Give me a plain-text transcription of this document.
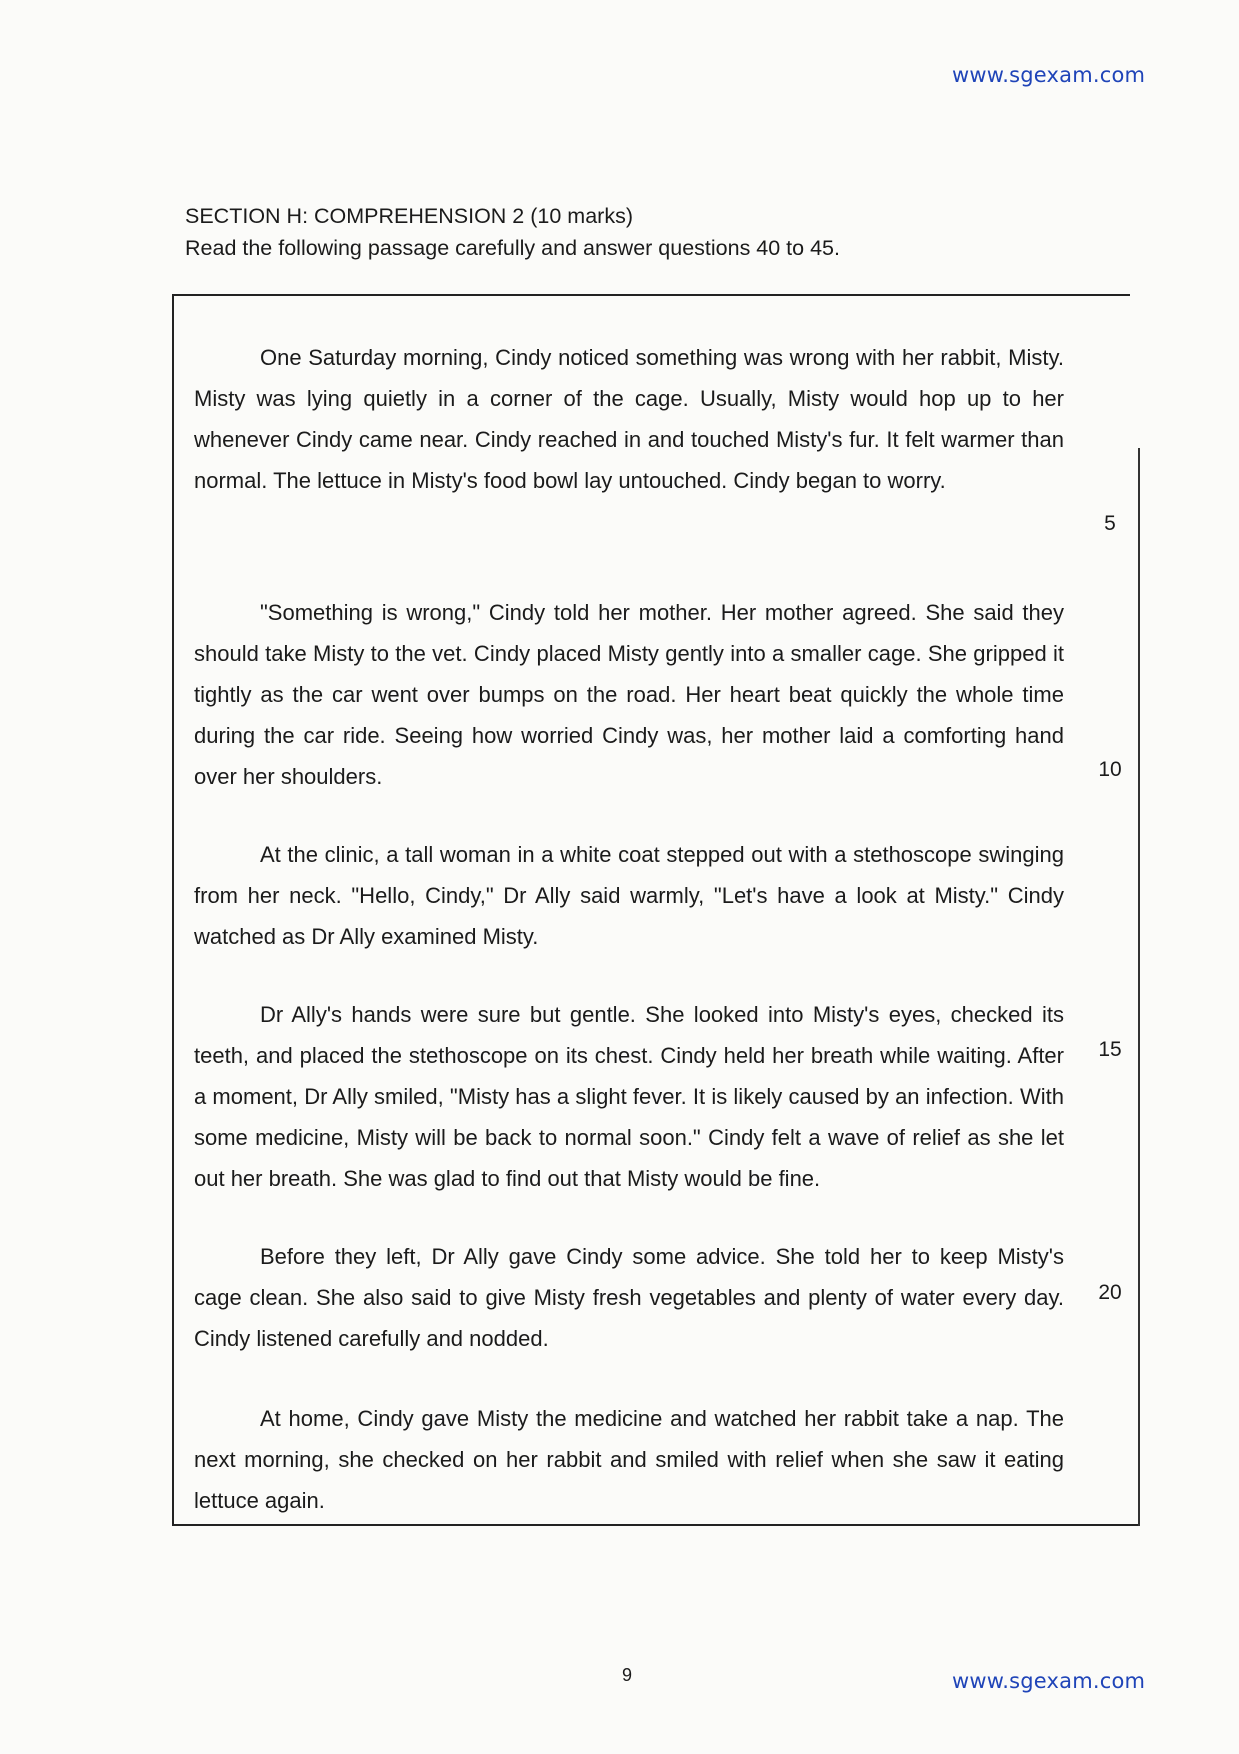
www.sgexam.com
SECTION H: COMPREHENSION 2 (10 marks)
Read the following passage carefully and answer questions 40 to 45.

One Saturday morning, Cindy noticed something was wrong with her rabbit, Misty. Misty was lying quietly in a corner of the cage. Usually, Misty would hop up to her whenever Cindy came near. Cindy reached in and touched Misty's fur. It felt warmer than normal. The lettuce in Misty's food bowl lay untouched. Cindy began to worry.

"Something is wrong," Cindy told her mother. Her mother agreed. She said they should take Misty to the vet. Cindy placed Misty gently into a smaller cage. She gripped it tightly as the car went over bumps on the road. Her heart beat quickly the whole time during the car ride. Seeing how worried Cindy was, her mother laid a comforting hand over her shoulders.

At the clinic, a tall woman in a white coat stepped out with a stethoscope swinging from her neck. "Hello, Cindy," Dr Ally said warmly, "Let's have a look at Misty." Cindy watched as Dr Ally examined Misty.

Dr Ally's hands were sure but gentle. She looked into Misty's eyes, checked its teeth, and placed the stethoscope on its chest. Cindy held her breath while waiting. After a moment, Dr Ally smiled, "Misty has a slight fever. It is likely caused by an infection. With some medicine, Misty will be back to normal soon." Cindy felt a wave of relief as she let out her breath. She was glad to find out that Misty would be fine.

Before they left, Dr Ally gave Cindy some advice. She told her to keep Misty's cage clean. She also said to give Misty fresh vegetables and plenty of water every day. Cindy listened carefully and nodded.

At home, Cindy gave Misty the medicine and watched her rabbit take a nap. The next morning, she checked on her rabbit and smiled with relief when she saw it eating lettuce again.

5
10
15
20
9	www.sgexam.com
